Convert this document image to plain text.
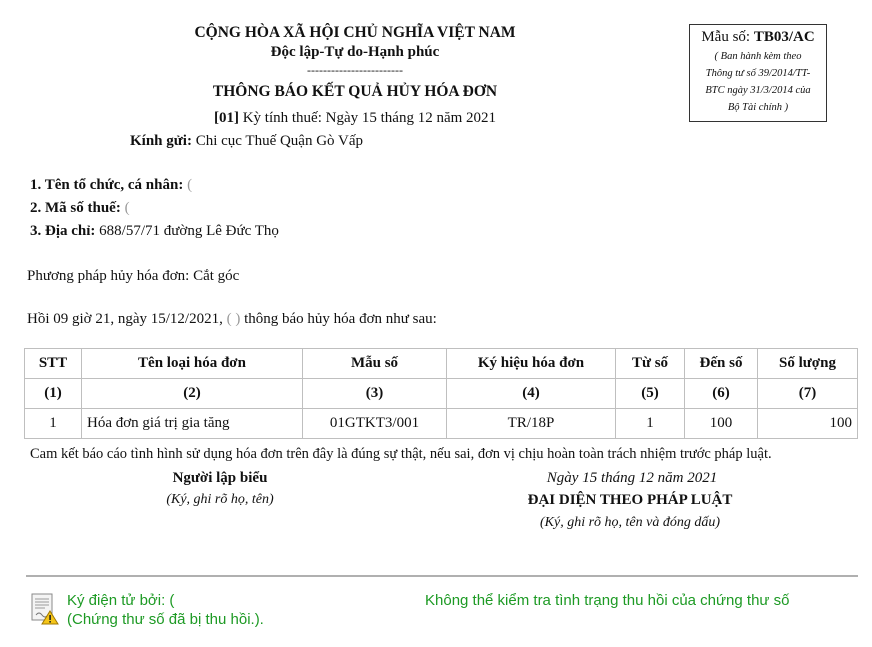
CỘNG HÒA XÃ HỘI CHỦ NGHĨA VIỆT NAM
Độc lập-Tự do-Hạnh phúc
------------------------
THÔNG BÁO KẾT QUẢ HỦY HÓA ĐƠN
[01] Kỳ tính thuế: Ngày 15 tháng 12 năm 2021
Mẫu số: TB03/AC
( Ban hành kèm theo
Thông tư số 39/2014/TT-
BTC ngày 31/3/2014 của
Bộ Tài chính )
Kính gửi: Chi cục Thuế Quận Gò Vấp
1. Tên tổ chức, cá nhân: (
2. Mã số thuế: (
3. Địa chỉ: 688/57/71 đường Lê Đức Thọ
Phương pháp hủy hóa đơn: Cắt góc
Hồi 09 giờ 21, ngày 15/12/2021, ( ) thông báo hủy hóa đơn như sau:
STT	Tên loại hóa đơn	Mẫu số	Ký hiệu hóa đơn	Từ số	Đến số	Số lượng
(1)	(2)	(3)	(4)	(5)	(6)	(7)
1	Hóa đơn giá trị gia tăng	01GTKT3/001	TR/18P	1	100	100
Cam kết báo cáo tình hình sử dụng hóa đơn trên đây là đúng sự thật, nếu sai, đơn vị chịu hoàn toàn trách nhiệm trước pháp luật.
Người lập biểu
(Ký, ghi rõ họ, tên)
Ngày 15 tháng 12 năm 2021
ĐẠI DIỆN THEO PHÁP LUẬT
(Ký, ghi rõ họ, tên và đóng dấu)
Ký điện tử bởi: (	Không thể kiểm tra tình trạng thu hồi của chứng thư số
(Chứng thư số đã bị thu hồi.).
